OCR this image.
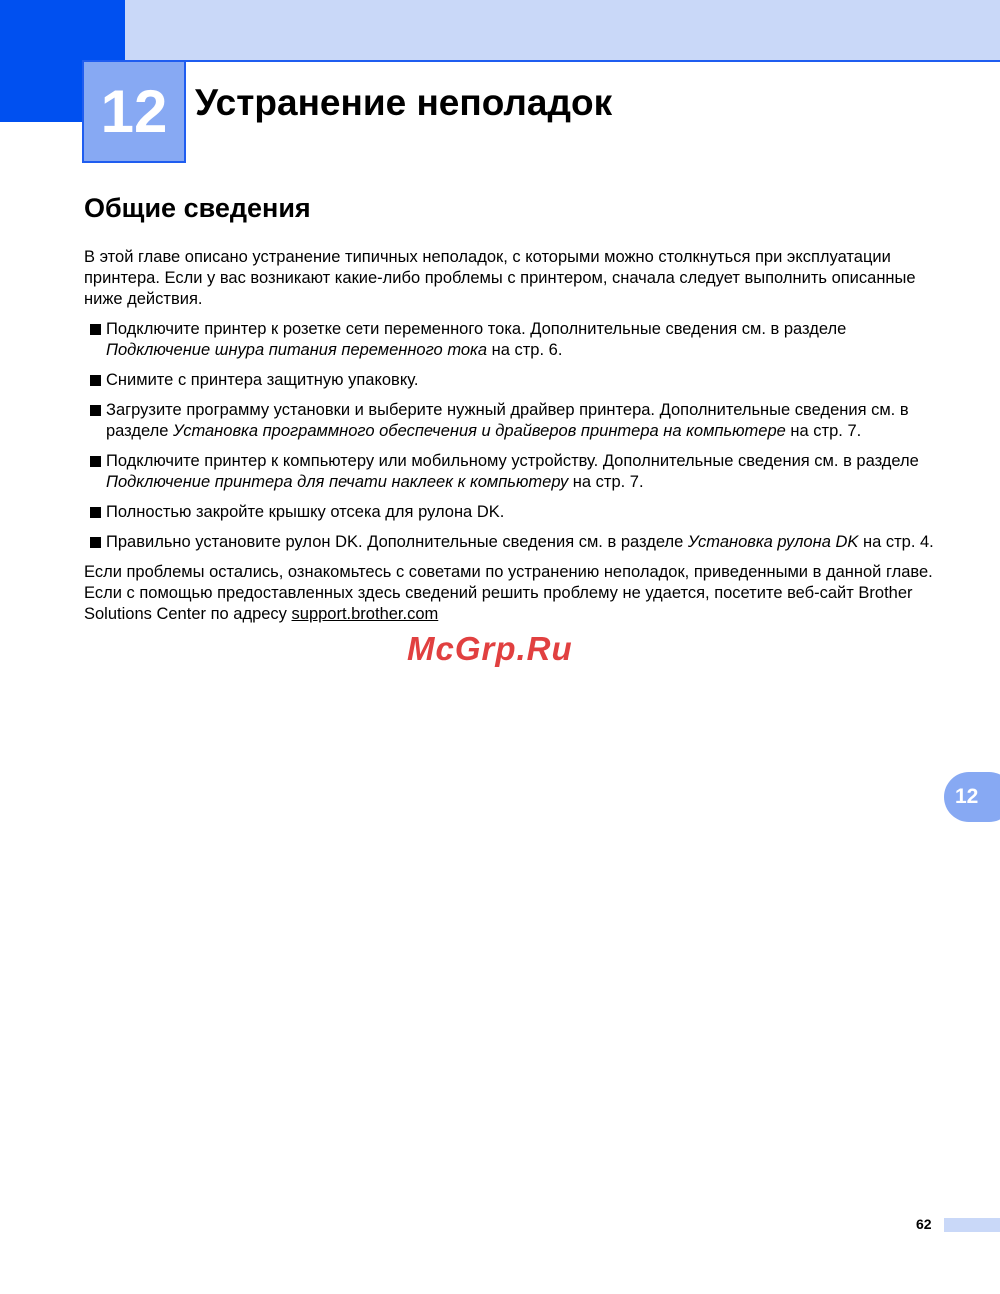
12 Устранение неполадок
Общие сведения

В этой главе описано устранение типичных неполадок, с которыми можно столкнуться при эксплуатации принтера. Если у вас возникают какие-либо проблемы с принтером, сначала следует выполнить описанные ниже действия.

Подключите принтер к розетке сети переменного тока. Дополнительные сведения см. в разделе Подключение шнура питания переменного тока на стр. 6.
Снимите с принтера защитную упаковку.
Загрузите программу установки и выберите нужный драйвер принтера. Дополнительные сведения см. в разделе Установка программного обеспечения и драйверов принтера на компьютере на стр. 7.
Подключите принтер к компьютеру или мобильному устройству. Дополнительные сведения см. в разделе Подключение принтера для печати наклеек к компьютеру на стр. 7.
Полностью закройте крышку отсека для рулона DK.
Правильно установите рулон DK. Дополнительные сведения см. в разделе Установка рулона DK на стр. 4.

Если проблемы остались, ознакомьтесь с советами по устранению неполадок, приведенными в данной главе. Если с помощью предоставленных здесь сведений решить проблему не удается, посетите веб-сайт Brother Solutions Center по адресу support.brother.com

McGrp.Ru
12
62
